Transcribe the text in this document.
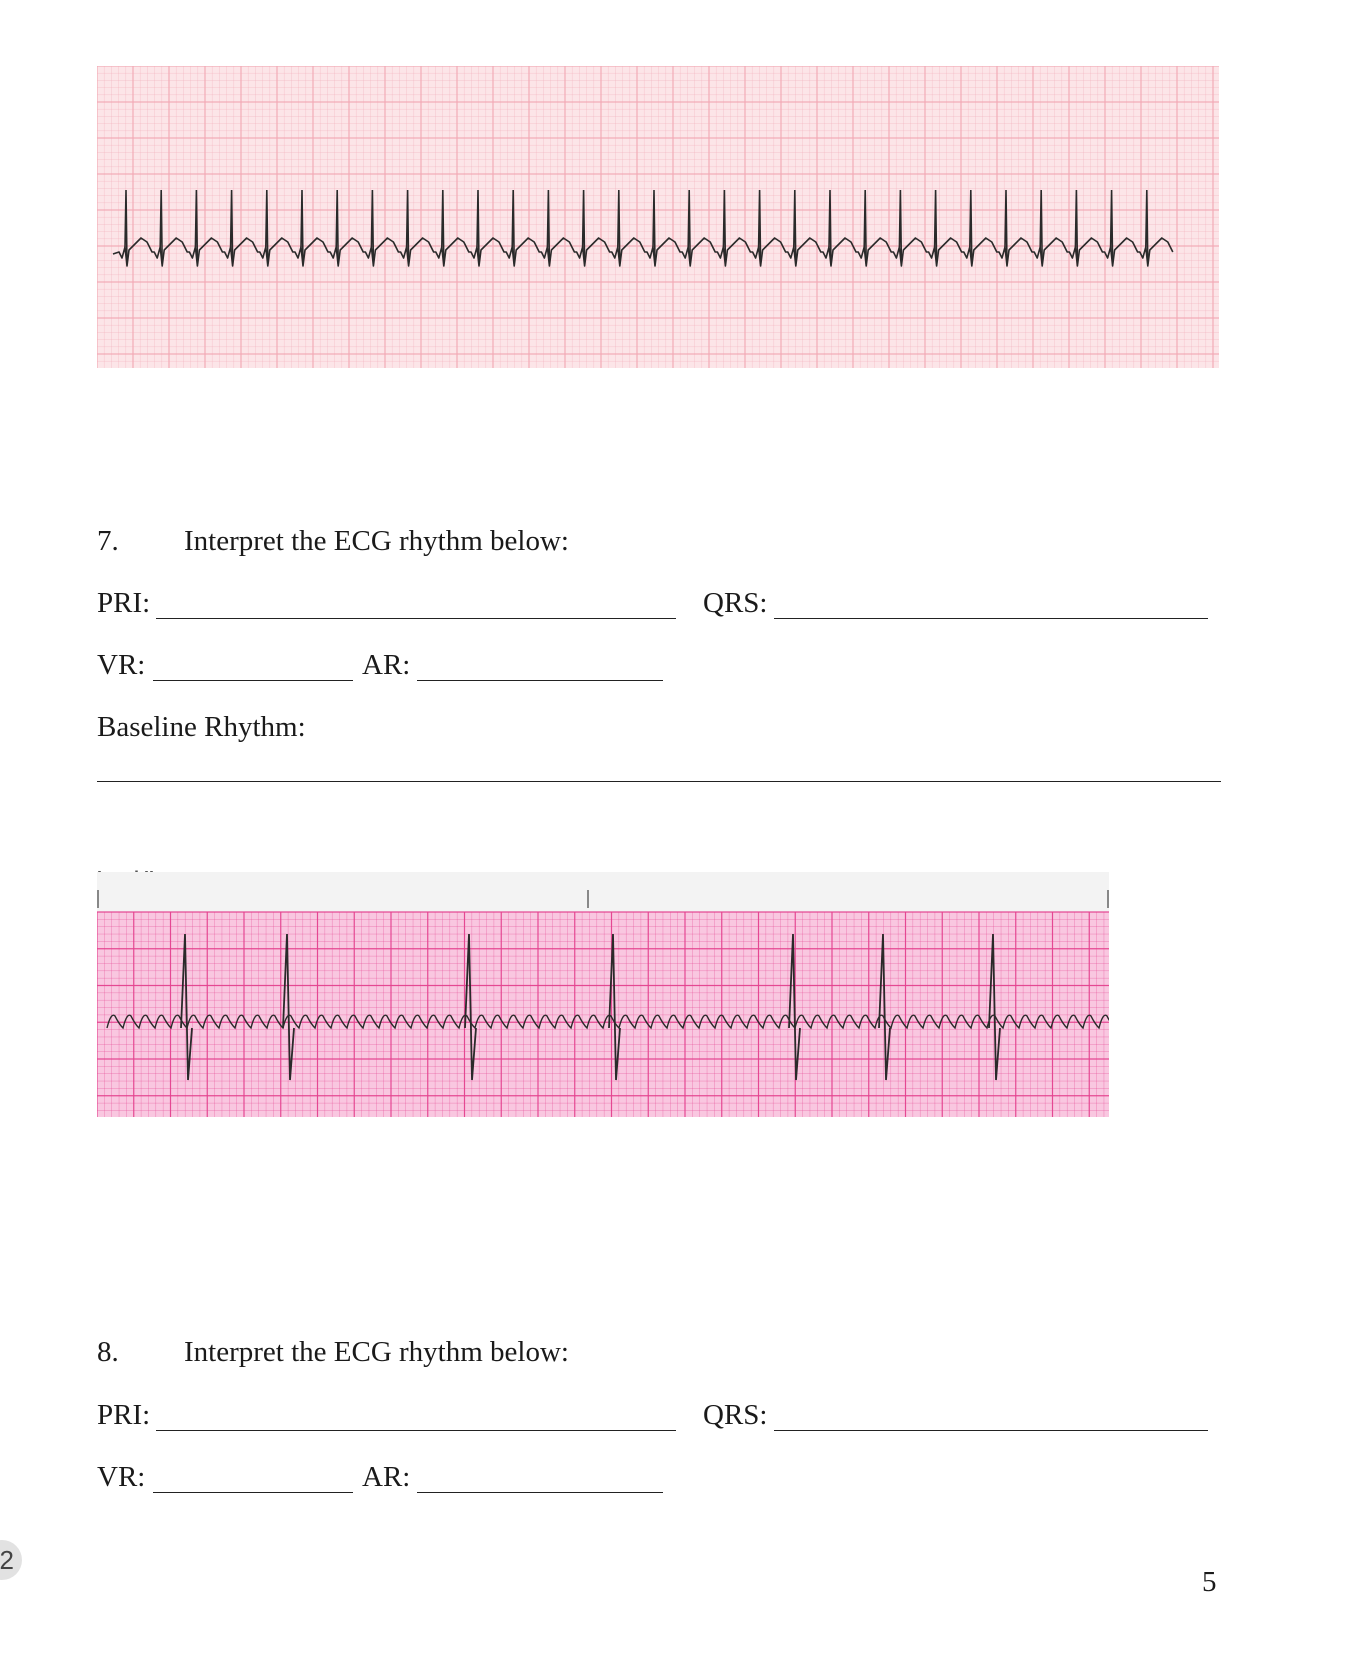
7. Interpret the ECG rhythm below:
PRI:	QRS:
VR:	AR:
Baseline Rhythm:
8. Interpret the ECG rhythm below:
PRI:	QRS:
VR:	AR:
5
2
